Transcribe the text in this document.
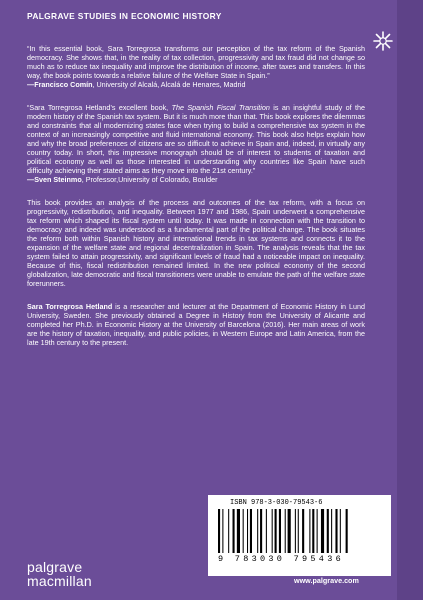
PALGRAVE STUDIES IN ECONOMIC HISTORY
“In this essential book, Sara Torregrosa transforms our perception of the tax reform of the Spanish democracy. She shows that, in the reality of tax collection, progressivity and tax fraud did not change so much as to reduce tax inequality and improve the distribution of income, after taxes and transfers. In this way, the book points towards a relative failure of the Welfare State in Spain.”
—Francisco Comín, University of Alcalá, Alcalá de Henares, Madrid
“Sara Torregrosa Hetland’s excellent book, The Spanish Fiscal Transition is an insightful study of the modern history of the Spanish tax system. But it is much more than that. This book explores the dilemmas and constraints that all modernizing states face when trying to build a comprehensive tax system in the context of an increasingly competitive and fluid international economy. This book also helps explain how and why the broad preferences of citizens are so difficult to achieve in Spain and, indeed, in virtually any country today. In short, this impressive monograph should be of interest to students of taxation and political economy as well as those interested in understanding why countries like Spain have such difficulty achieving their stated aims as they move into the 21st century.”
—Sven Steinmo, Professor,University of Colorado, Boulder
This book provides an analysis of the process and outcomes of the tax reform, with a focus on progressivity, redistribution, and inequality. Between 1977 and 1986, Spain underwent a comprehensive tax reform which shaped its fiscal system until today. It was made in connection with the transition to democracy and indeed was understood as a fundamental part of the political change. The book situates the reform both within Spanish history and international trends in tax systems and connects it to the expansion of the welfare state and regional decentralization in Spain. The analysis reveals that the tax system failed to attain progressivity, and significant levels of fraud had a noticeable impact on inequality. Because of this, fiscal redistribution remained limited. In the new political economy of the second globalization, late democratic and fiscal transitioners were unable to emulate the path of the welfare state forerunners.
Sara Torregrosa Hetland is a researcher and lecturer at the Department of Economic History in Lund University, Sweden. She previously obtained a Degree in History from the University of Alicante and completed her Ph.D. in Economic History at the University of Barcelona (2016). Her main areas of work are the history of taxation, inequality, and public policies, in Western Europe and Latin America, from the late 19th century to the present.
ISBN 978-3-030-79543-6
9 783030 795436
www.palgrave.com
palgrave
macmillan
